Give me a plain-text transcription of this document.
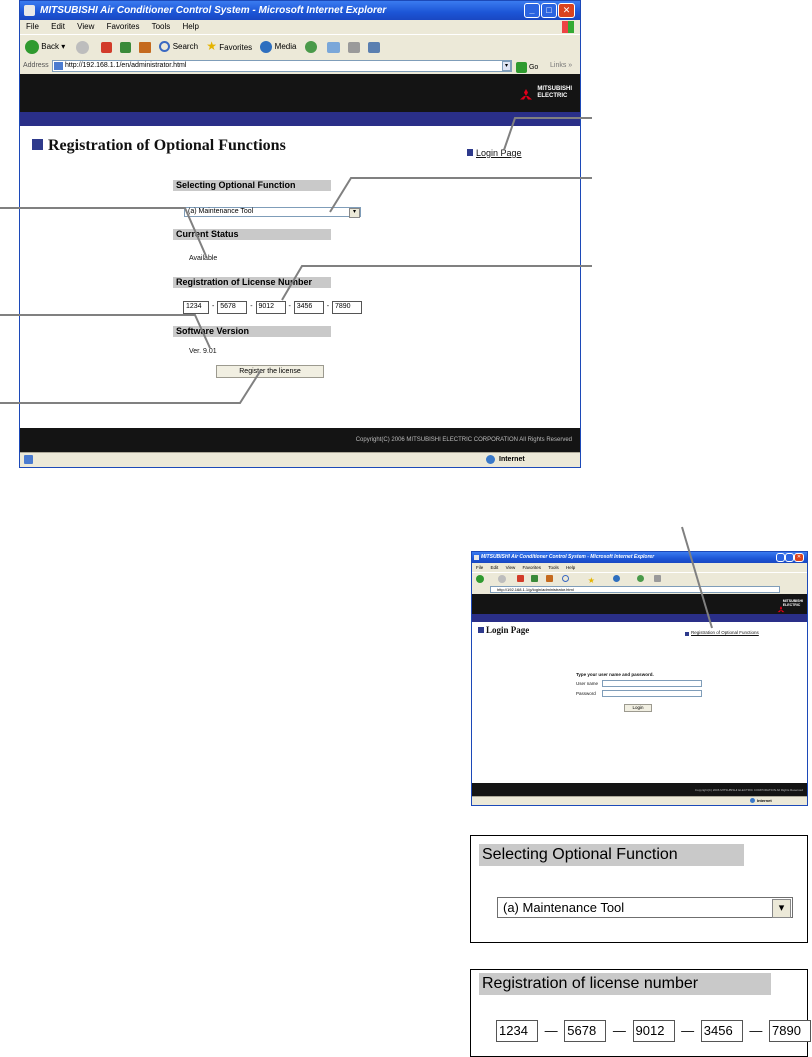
MITSUBISHI Air Conditioner Control System - Microsoft Internet Explorer	_	□	✕
File Edit View Favorites Tools Help
Back ▾	Search ★ Favorites	Media
Address	http://192.168.1.1/en/administrator.html	▾	Go Links »
MITSUBISHI
ELECTRIC
Registration of Optional Functions	Login Page
Selecting Optional Function
(a) Maintenance Tool	▾
Current Status
Available
Registration of License Number
1234 - 5678 - 9012 - 3456 - 7890
Software Version
Ver. 9.01
Register the license
Copyright(C) 2006 MITSUBISHI ELECTRIC CORPORATION All Rights Reserved
Internet
MITSUBISHI Air Conditioner Control System - Microsoft Internet Explorer	✕
File Edit View Favorites Tools Help
★
http://192.168.1.1/g/login/administrator.html
MITSUBISHI
ELECTRIC
Login Page	Registration of Optional Functions
Type your user name and password.
User name
Password
Login
Copyright(C) 2006 MITSUBISHI ELECTRIC CORPORATION All Rights Reserved
Internet
Selecting Optional Function
(a) Maintenance Tool	▾
Registration of license number
1234 — 5678 — 9012 — 3456 — 7890
